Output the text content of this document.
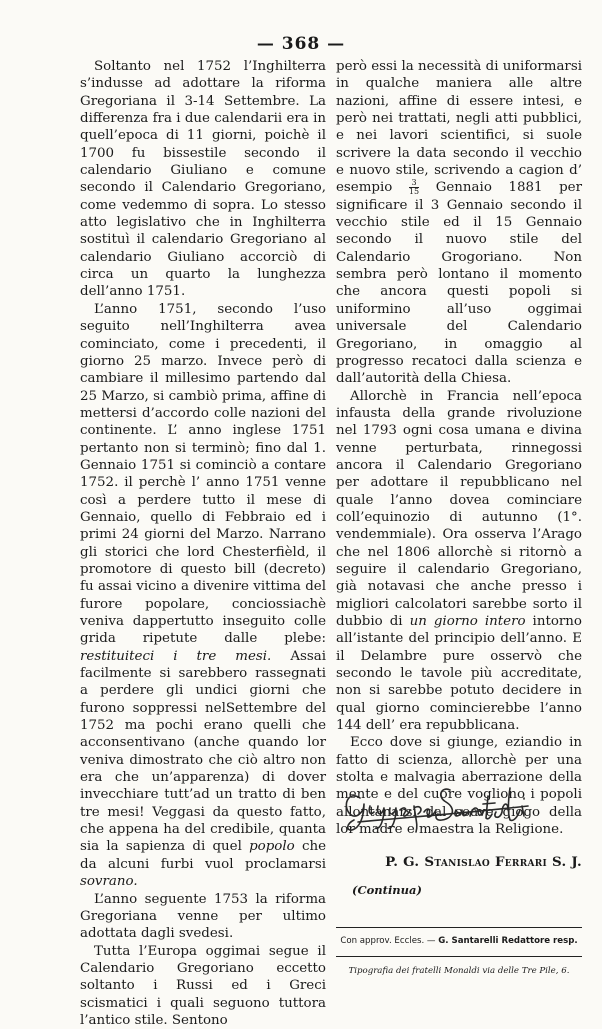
— 368 —

Soltanto nel 1752 l’Inghilterra s’indusse ad adottare la riforma Gregoriana il 3-14 Settembre. La differenza fra i due calendarii era in quell’epoca di 11 giorni, poichè il 1700 fu bissestile secondo il calendario Giuliano e comune secondo il Calendario Gregoriano, come vedemmo di sopra. Lo stesso atto legislativo che in Inghilterra sostituì il calendario Gregoriano al calendario Giuliano accorciò di circa un quarto la lunghezza dell’anno 1751.

L’anno 1751, secondo l’uso seguito nell’Inghilterra avea cominciato, come i precedenti, il giorno 25 marzo. Invece però di cambiare il millesimo partendo dal 25 Marzo, si cambiò prima, affine di mettersi d’accordo colle nazioni del continente. L’ anno inglese 1751 pertanto non si terminò; fino dal 1. Gennaio 1751 si cominciò a contare 1752. il perchè l’ anno 1751 venne così a perdere tutto il mese di Gennaio, quello di Febbraio ed i primi 24 giorni del Marzo. Narrano gli storici che lord Chesterfièld, il promotore di questo bill (decreto) fu assai vicino a divenire vittima del furore popolare, conciossiachè veniva dappertutto inseguito colle grida ripetute dalle plebe: restituiteci i tre mesi. Assai facilmente si sarebbero rassegnati a perdere gli undici giorni che furono soppressi nelSettembre del 1752 ma pochi erano quelli che acconsentivano (anche quando lor veniva dimostrato che ciò altro non era che un’apparenza) di dover invecchiare tutt’ad un tratto di ben tre mesi! Veggasi da questo fatto, che appena ha del credibile, quanta sia la sapienza di quel popolo che da alcuni furbi vuol proclamarsi sovrano.

L’anno seguente 1753 la riforma Gregoriana venne per ultimo adottata dagli svedesi.

Tutta l’Europa oggimai segue il Calendario Gregoriano eccetto soltanto i Russi ed i Greci scismatici i quali seguono tuttora l’antico stile. Sentono

però essi la necessità di uniformarsi in qualche maniera alle altre nazioni, affine di essere intesi, e però nei trattati, negli atti pubblici, e nei lavori scientifici, si suole scrivere la data secondo il vecchio e nuovo stile, scrivendo a cagion d’ esempio $\frac{3}{15}$ Gennaio 1881 per significare il 3 Gennaio secondo il vecchio stile ed il 15 Gennaio secondo il nuovo stile del Calendario Grogoriano. Non sembra però lontano il momento che ancora questi popoli si uniformino all’uso oggimai universale del Calendario Gregoriano, in omaggio al progresso recatoci dalla scienza e dall’autorità della Chiesa.

Allorchè in Francia nell’epoca infausta della grande rivoluzione nel 1793 ogni cosa umana e divina venne perturbata, rinnegossi ancora il Calendario Gregoriano per adottare il repubblicano nel quale l’anno dovea cominciare coll’equinozio di autunno (1°. vendemmiale). Ora osserva l’Arago che nel 1806 allorchè si ritornò a seguire il calendario Gregoriano, già notavasi che anche presso i migliori calcolatori sarebbe sorto il dubbio di un giorno intero intorno all’istante del principio dell’anno. E il Delambre pure osservò che secondo le tavole più accreditate, non si sarebbe potuto decidere in qual giorno comincierebbe l’anno 144 dell’ era repubblicana.

Ecco dove si giunge, eziandio in fatto di scienza, allorchè per una stolta e malvagia aberrazione della mente e del cuore vogliono i popoli allontanarsi dal soave giogo della lor madre e maestra la Religione.

P. G. Stanislao Ferrari S. J.
(Continua)
Con approv. Eccles. — G. Santarelli Redattore resp.
Tipografia dei fratelli Monaldi via delle Tre Pile, 6.
